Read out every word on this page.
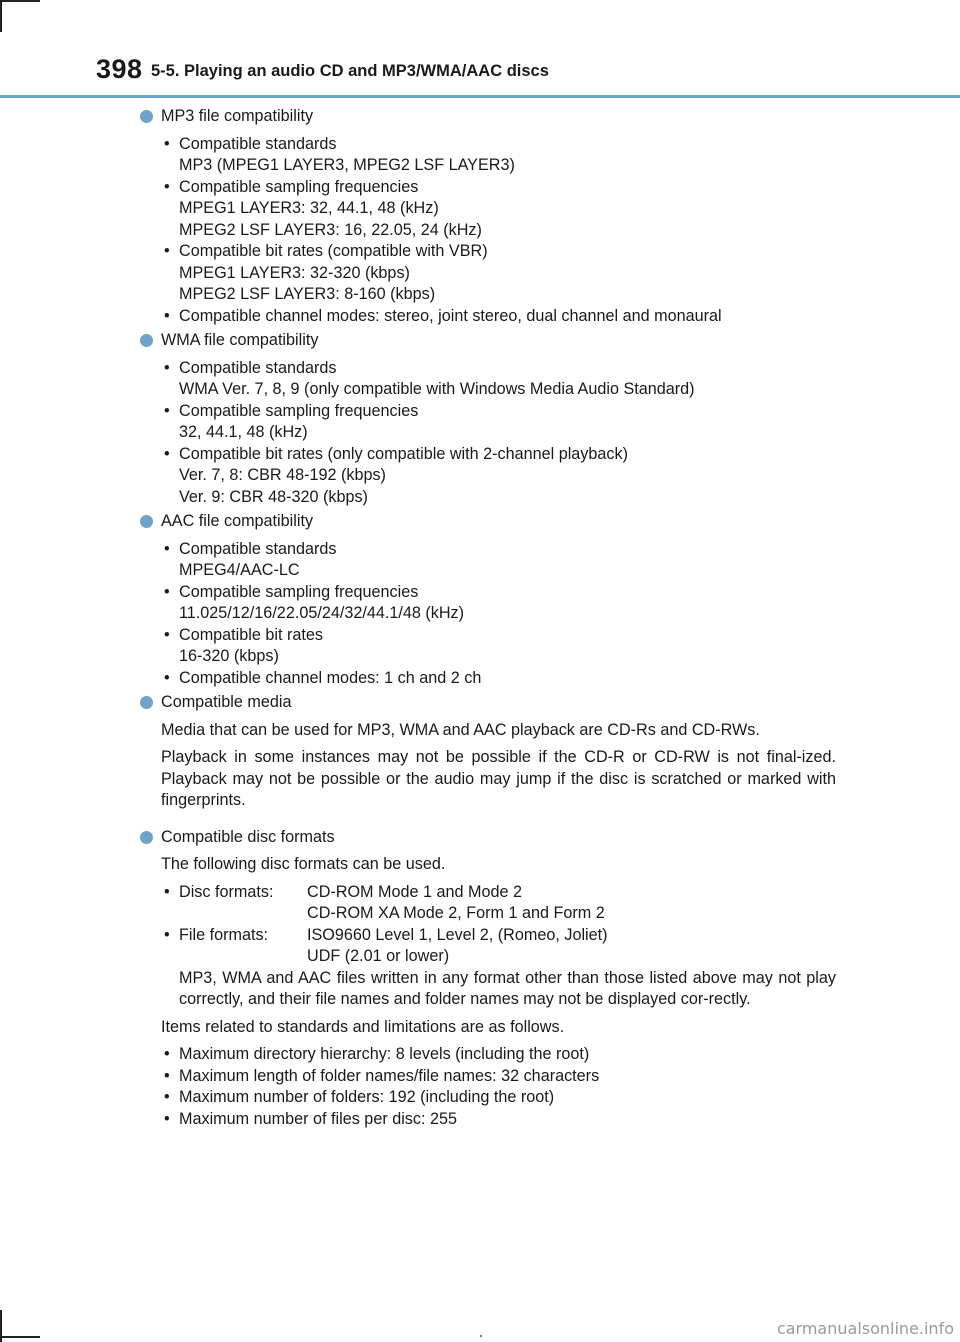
398 5-5. Playing an audio CD and MP3/WMA/AAC discs
MP3 file compatibility
• Compatible standards
MP3 (MPEG1 LAYER3, MPEG2 LSF LAYER3)
• Compatible sampling frequencies
MPEG1 LAYER3: 32, 44.1, 48 (kHz)
MPEG2 LSF LAYER3: 16, 22.05, 24 (kHz)
• Compatible bit rates (compatible with VBR)
MPEG1 LAYER3: 32-320 (kbps)
MPEG2 LSF LAYER3: 8-160 (kbps)
• Compatible channel modes: stereo, joint stereo, dual channel and monaural
WMA file compatibility
• Compatible standards
WMA Ver. 7, 8, 9 (only compatible with Windows Media Audio Standard)
• Compatible sampling frequencies
32, 44.1, 48 (kHz)
• Compatible bit rates (only compatible with 2-channel playback)
Ver. 7, 8: CBR 48-192 (kbps)
Ver. 9: CBR 48-320 (kbps)
AAC file compatibility
• Compatible standards
MPEG4/AAC-LC
• Compatible sampling frequencies
11.025/12/16/22.05/24/32/44.1/48 (kHz)
• Compatible bit rates
16-320 (kbps)
• Compatible channel modes: 1 ch and 2 ch
Compatible media
Media that can be used for MP3, WMA and AAC playback are CD-Rs and CD-RWs.
Playback in some instances may not be possible if the CD-R or CD-RW is not final-ized. Playback may not be possible or the audio may jump if the disc is scratched or marked with fingerprints.
Compatible disc formats
The following disc formats can be used.
• Disc formats:	CD-ROM Mode 1 and Mode 2
CD-ROM XA Mode 2, Form 1 and Form 2
• File formats:	ISO9660 Level 1, Level 2, (Romeo, Joliet)
UDF (2.01 or lower)
MP3, WMA and AAC files written in any format other than those listed above may not play correctly, and their file names and folder names may not be displayed cor-rectly.
Items related to standards and limitations are as follows.
• Maximum directory hierarchy: 8 levels (including the root)
• Maximum length of folder names/file names: 32 characters
• Maximum number of folders: 192 (including the root)
• Maximum number of files per disc: 255
carmanualsonline.info
